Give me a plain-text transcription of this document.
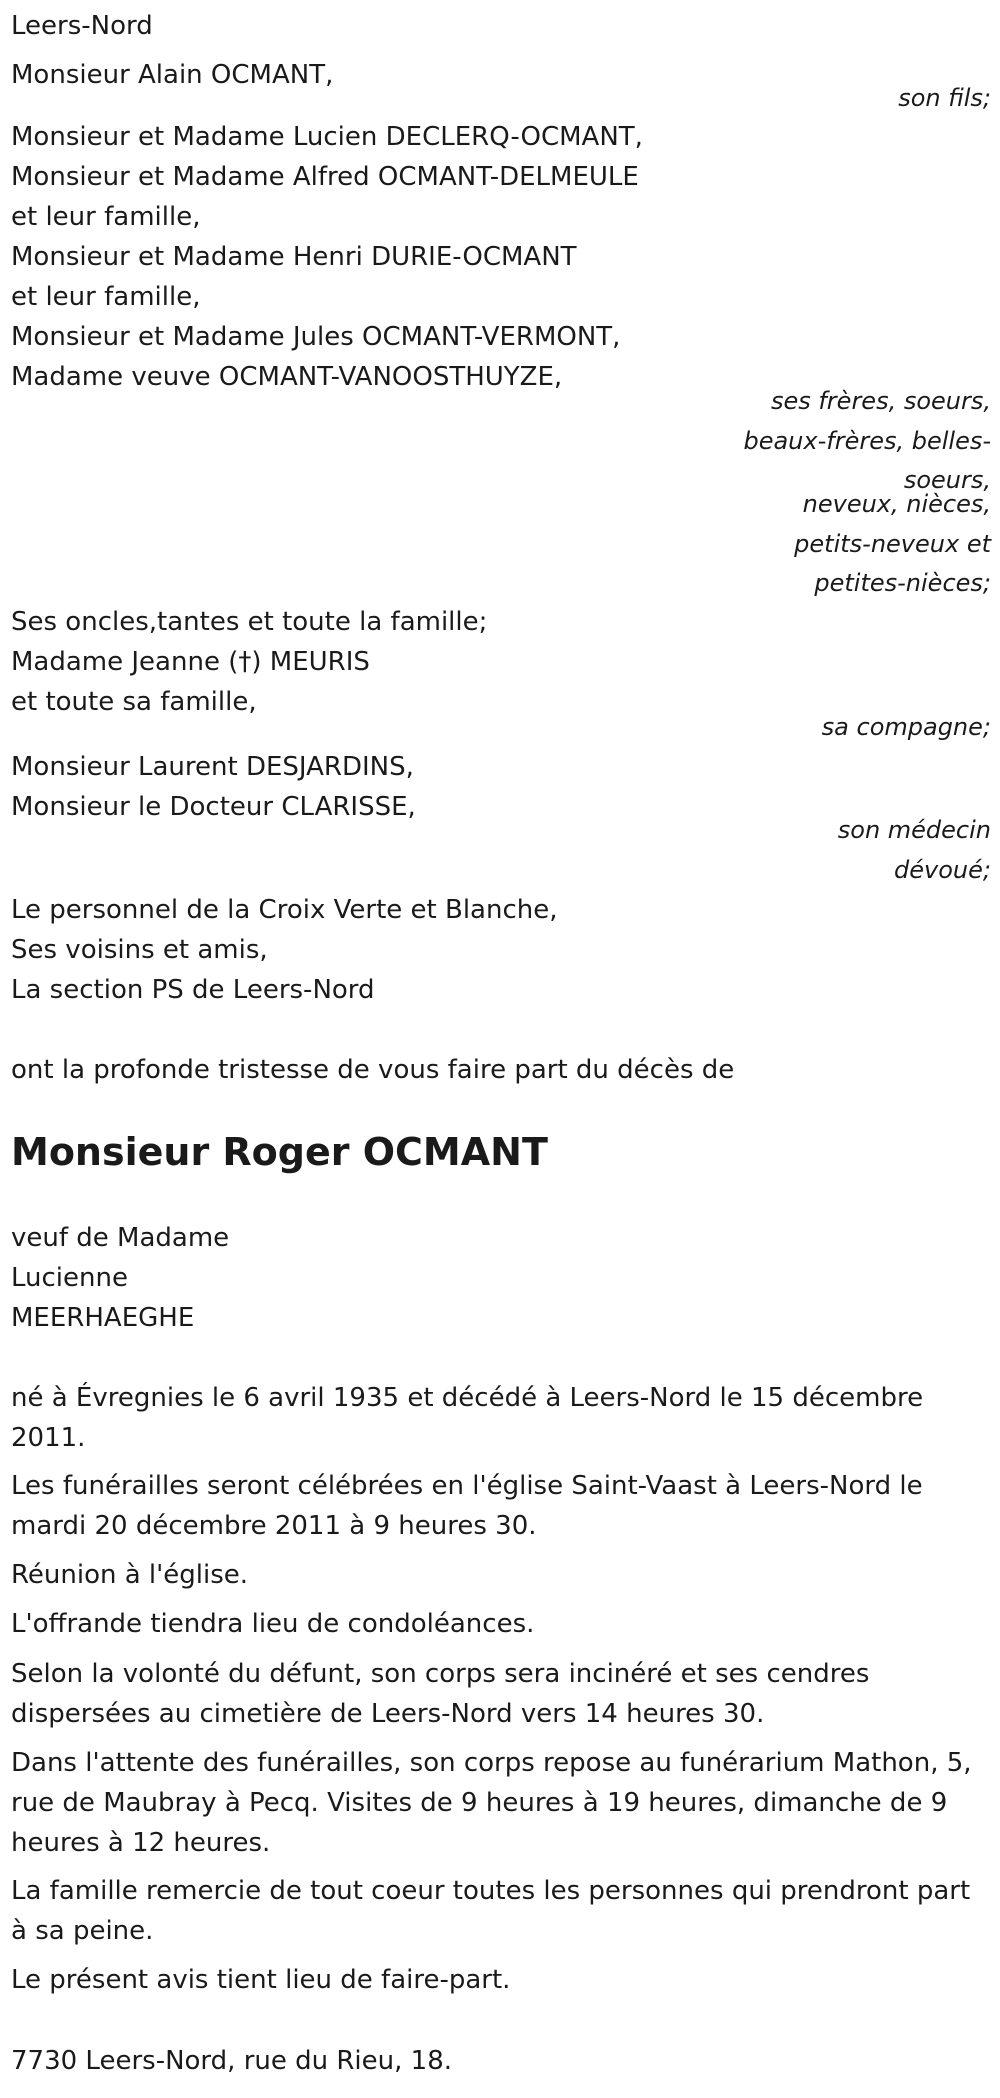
Leers-Nord
Monsieur Alain OCMANT,
son fils;
Monsieur et Madame Lucien DECLERQ-OCMANT,
Monsieur et Madame Alfred OCMANT-DELMEULE
et leur famille,
Monsieur et Madame Henri DURIE-OCMANT
et leur famille,
Monsieur et Madame Jules OCMANT-VERMONT,
Madame veuve OCMANT-VANOOSTHUYZE,
ses frères, soeurs,
beaux-frères, belles-
soeurs,
neveux, nièces,
petits-neveux et
petites-nièces;
Ses oncles,tantes et toute la famille;
Madame Jeanne (†) MEURIS
et toute sa famille,
sa compagne;
Monsieur Laurent DESJARDINS,
Monsieur le Docteur CLARISSE,
son médecin
dévoué;
Le personnel de la Croix Verte et Blanche,
Ses voisins et amis,
La section PS de Leers-Nord
ont la profonde tristesse de vous faire part du décès de
Monsieur Roger OCMANT
veuf de Madame
Lucienne
MEERHAEGHE

né à Évregnies le 6 avril 1935 et décédé à Leers-Nord le 15 décembre 2011.

Les funérailles seront célébrées en l'église Saint-Vaast à Leers-Nord le mardi 20 décembre 2011 à 9 heures 30.

Réunion à l'église.

L'offrande tiendra lieu de condoléances.

Selon la volonté du défunt, son corps sera incinéré et ses cendres dispersées au cimetière de Leers-Nord vers 14 heures 30.

Dans l'attente des funérailles, son corps repose au funérarium Mathon, 5, rue de Maubray à Pecq. Visites de 9 heures à 19 heures, dimanche de 9 heures à 12 heures.

La famille remercie de tout coeur toutes les personnes qui prendront part à sa peine.

Le présent avis tient lieu de faire-part.

7730 Leers-Nord, rue du Rieu, 18.
